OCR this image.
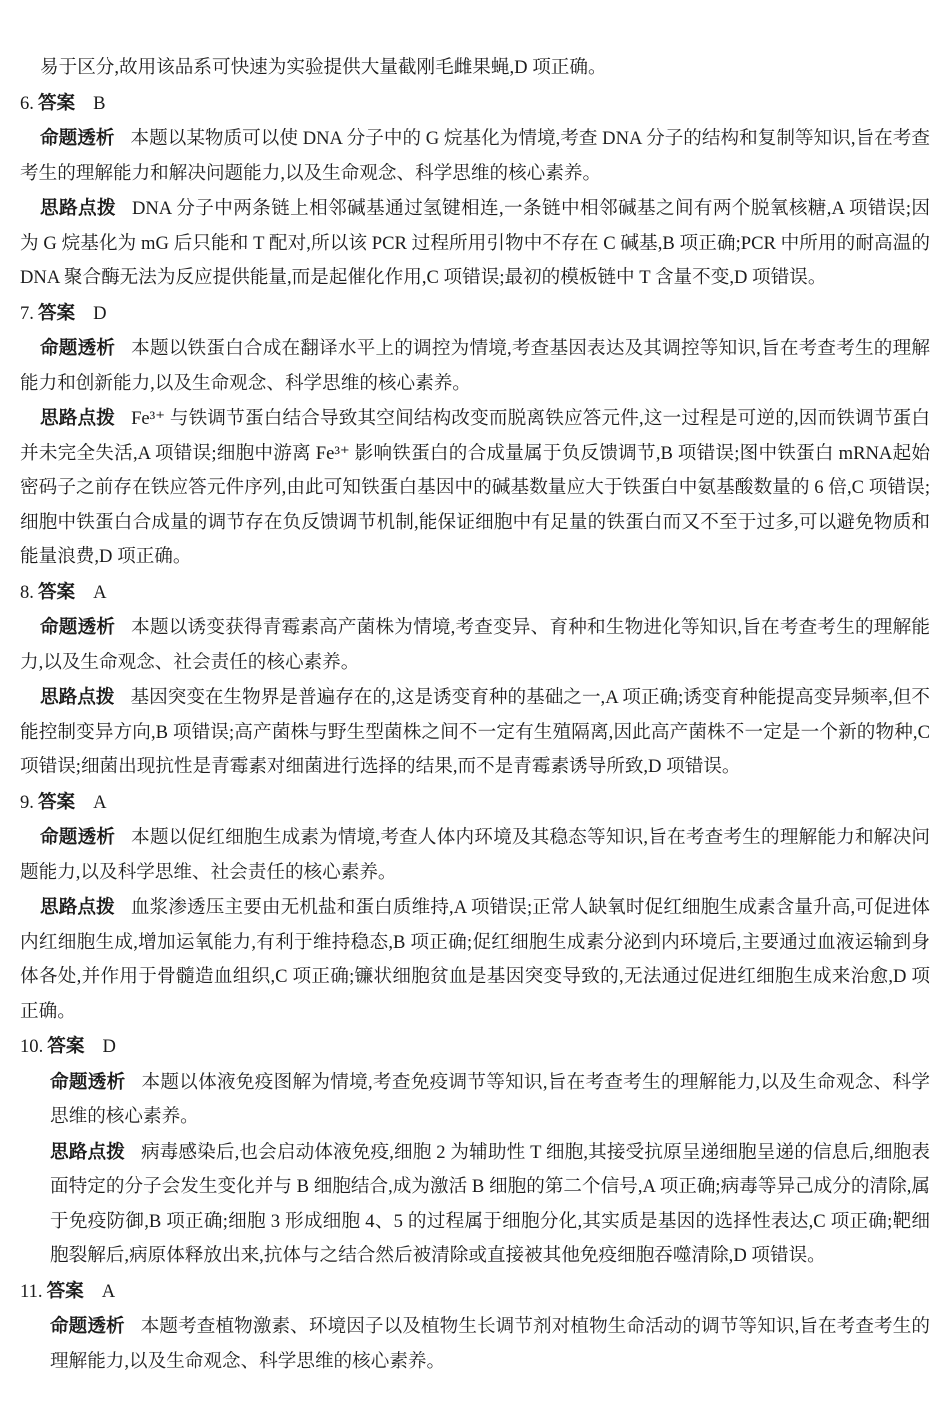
易于区分,故用该品系可快速为实验提供大量截刚毛雌果蝇,D 项正确。
6. 答案 B
命题透析 本题以某物质可以使 DNA 分子中的 G 烷基化为情境,考查 DNA 分子的结构和复制等知识,旨在考查考生的理解能力和解决问题能力,以及生命观念、科学思维的核心素养。
思路点拨 DNA 分子中两条链上相邻碱基通过氢键相连,一条链中相邻碱基之间有两个脱氧核糖,A 项错误;因为 G 烷基化为 mG 后只能和 T 配对,所以该 PCR 过程所用引物中不存在 C 碱基,B 项正确;PCR 中所用的耐高温的 DNA 聚合酶无法为反应提供能量,而是起催化作用,C 项错误;最初的模板链中 T 含量不变,D 项错误。
7. 答案 D
命题透析 本题以铁蛋白合成在翻译水平上的调控为情境,考查基因表达及其调控等知识,旨在考查考生的理解能力和创新能力,以及生命观念、科学思维的核心素养。
思路点拨 Fe³⁺ 与铁调节蛋白结合导致其空间结构改变而脱离铁应答元件,这一过程是可逆的,因而铁调节蛋白并未完全失活,A 项错误;细胞中游离 Fe³⁺ 影响铁蛋白的合成量属于负反馈调节,B 项错误;图中铁蛋白 mRNA起始密码子之前存在铁应答元件序列,由此可知铁蛋白基因中的碱基数量应大于铁蛋白中氨基酸数量的 6 倍,C 项错误;细胞中铁蛋白合成量的调节存在负反馈调节机制,能保证细胞中有足量的铁蛋白而又不至于过多,可以避免物质和能量浪费,D 项正确。
8. 答案 A
命题透析 本题以诱变获得青霉素高产菌株为情境,考查变异、育种和生物进化等知识,旨在考查考生的理解能力,以及生命观念、社会责任的核心素养。
思路点拨 基因突变在生物界是普遍存在的,这是诱变育种的基础之一,A 项正确;诱变育种能提高变异频率,但不能控制变异方向,B 项错误;高产菌株与野生型菌株之间不一定有生殖隔离,因此高产菌株不一定是一个新的物种,C 项错误;细菌出现抗性是青霉素对细菌进行选择的结果,而不是青霉素诱导所致,D 项错误。
9. 答案 A
命题透析 本题以促红细胞生成素为情境,考查人体内环境及其稳态等知识,旨在考查考生的理解能力和解决问题能力,以及科学思维、社会责任的核心素养。
思路点拨 血浆渗透压主要由无机盐和蛋白质维持,A 项错误;正常人缺氧时促红细胞生成素含量升高,可促进体内红细胞生成,增加运氧能力,有利于维持稳态,B 项正确;促红细胞生成素分泌到内环境后,主要通过血液运输到身体各处,并作用于骨髓造血组织,C 项正确;镰状细胞贫血是基因突变导致的,无法通过促进红细胞生成来治愈,D 项正确。
10. 答案 D
命题透析 本题以体液免疫图解为情境,考查免疫调节等知识,旨在考查考生的理解能力,以及生命观念、科学思维的核心素养。
思路点拨 病毒感染后,也会启动体液免疫,细胞 2 为辅助性 T 细胞,其接受抗原呈递细胞呈递的信息后,细胞表面特定的分子会发生变化并与 B 细胞结合,成为激活 B 细胞的第二个信号,A 项正确;病毒等异己成分的清除,属于免疫防御,B 项正确;细胞 3 形成细胞 4、5 的过程属于细胞分化,其实质是基因的选择性表达,C 项正确;靶细胞裂解后,病原体释放出来,抗体与之结合然后被清除或直接被其他免疫细胞吞噬清除,D 项错误。
11. 答案 A
命题透析 本题考查植物激素、环境因子以及植物生长调节剂对植物生命活动的调节等知识,旨在考查考生的理解能力,以及生命观念、科学思维的核心素养。
